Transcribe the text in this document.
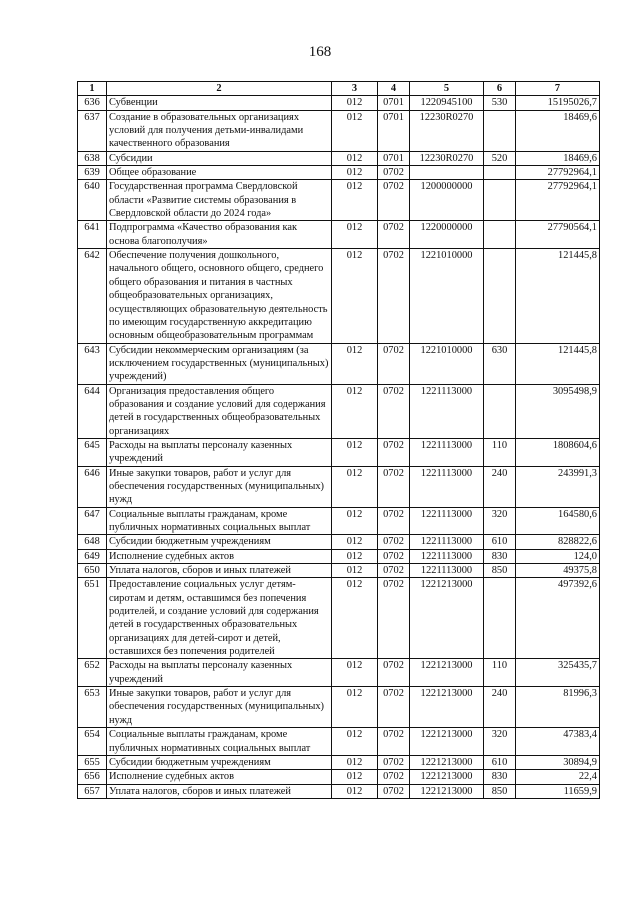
168
1	2	3	4	5	6	7
636	Субвенции	012	0701	1220945100	530	15195026,7
637	Создание в образовательных организациях условий для получения детьми-инвалидами качественного образования	012	0701	12230R0270		18469,6
638	Субсидии	012	0701	12230R0270	520	18469,6
639	Общее образование	012	0702			27792964,1
640	Государственная программа Свердловской области «Развитие системы образования в Свердловской области до 2024 года»	012	0702	1200000000		27792964,1
641	Подпрограмма «Качество образования как основа благополучия»	012	0702	1220000000		27790564,1
642	Обеспечение получения дошкольного, начального общего, основного общего, среднего общего образования и питания в частных общеобразовательных организациях, осуществляющих образовательную деятельность по имеющим государственную аккредитацию основным общеобразовательным программам	012	0702	1221010000		121445,8
643	Субсидии некоммерческим организациям (за исключением государственных (муниципальных) учреждений)	012	0702	1221010000	630	121445,8
644	Организация предоставления общего образования и создание условий для содержания детей в государственных общеобразовательных организациях	012	0702	1221113000		3095498,9
645	Расходы на выплаты персоналу казенных учреждений	012	0702	1221113000	110	1808604,6
646	Иные закупки товаров, работ и услуг для обеспечения государственных (муниципальных) нужд	012	0702	1221113000	240	243991,3
647	Социальные выплаты гражданам, кроме публичных нормативных социальных выплат	012	0702	1221113000	320	164580,6
648	Субсидии бюджетным учреждениям	012	0702	1221113000	610	828822,6
649	Исполнение судебных актов	012	0702	1221113000	830	124,0
650	Уплата налогов, сборов и иных платежей	012	0702	1221113000	850	49375,8
651	Предоставление социальных услуг детям-сиротам и детям, оставшимся без попечения родителей, и создание условий для содержания детей в государственных образовательных организациях для детей-сирот и детей, оставшихся без попечения родителей	012	0702	1221213000		497392,6
652	Расходы на выплаты персоналу казенных учреждений	012	0702	1221213000	110	325435,7
653	Иные закупки товаров, работ и услуг для обеспечения государственных (муниципальных) нужд	012	0702	1221213000	240	81996,3
654	Социальные выплаты гражданам, кроме публичных нормативных социальных выплат	012	0702	1221213000	320	47383,4
655	Субсидии бюджетным учреждениям	012	0702	1221213000	610	30894,9
656	Исполнение судебных актов	012	0702	1221213000	830	22,4
657	Уплата налогов, сборов и иных платежей	012	0702	1221213000	850	11659,9
